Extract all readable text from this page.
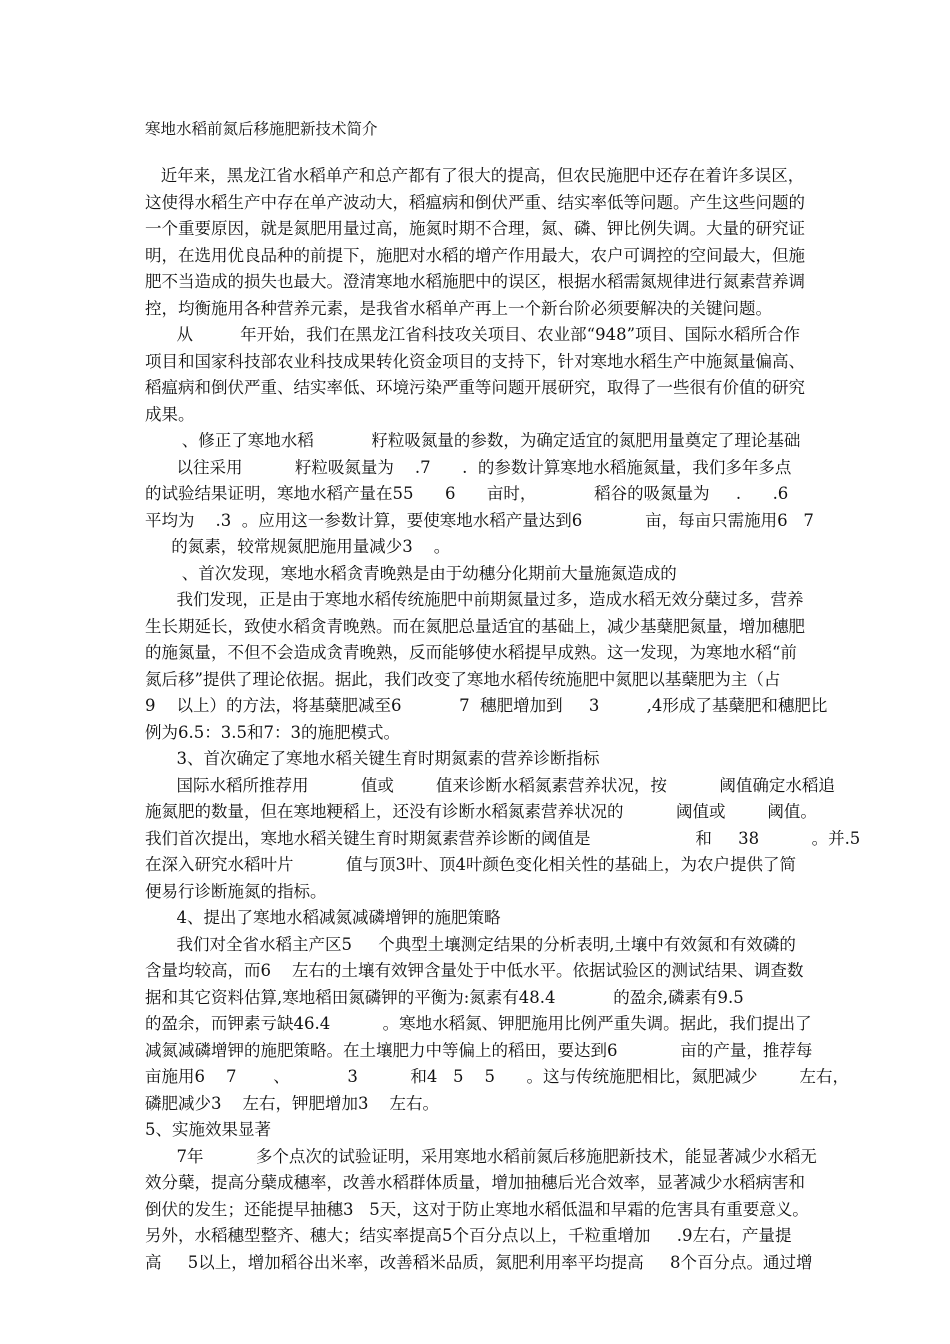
寒地水稻前氮后移施肥新技术简介
近年来，黑龙江省水稻单产和总产都有了很大的提高，但农民施肥中还存在着许多误区，
这使得水稻生产中存在单产波动大，稻瘟病和倒伏严重、结实率低等问题。产生这些问题的
一个重要原因，就是氮肥用量过高，施氮时期不合理，氮、磷、钾比例失调。大量的研究证
明，在选用优良品种的前提下，施肥对水稻的增产作用最大，农户可调控的空间最大，但施
肥不当造成的损失也最大。澄清寒地水稻施肥中的误区，根据水稻需氮规律进行氮素营养调
控，均衡施用各种营养元素，是我省水稻单产再上一个新台阶必须要解决的关键问题。
从         年开始，我们在黑龙江省科技攻关项目、农业部“948”项目、国际水稻所合作
项目和国家科技部农业科技成果转化资金项目的支持下，针对寒地水稻生产中施氮量偏高、
稻瘟病和倒伏严重、结实率低、环境污染严重等问题开展研究，取得了一些很有价值的研究
成果。
、修正了寒地水稻           籽粒吸氮量的参数，为确定适宜的氮肥用量奠定了理论基础
以往采用          籽粒吸氮量为    .7      .  的参数计算寒地水稻施氮量，我们多年多点
的试验结果证明，寒地水稻产量在55      6      亩时，           稻谷的吸氮量为     .      .6
平均为    .3  。应用这一参数计算，要使寒地水稻产量达到6            亩，每亩只需施用6   7
的氮素，较常规氮肥施用量减少3    。
、首次发现，寒地水稻贪青晚熟是由于幼穗分化期前大量施氮造成的
我们发现，正是由于寒地水稻传统施肥中前期氮量过多，造成水稻无效分蘖过多，营养
生长期延长，致使水稻贪青晚熟。而在氮肥总量适宜的基础上，减少基蘖肥氮量，增加穗肥
的施氮量，不但不会造成贪青晚熟，反而能够使水稻提早成熟。这一发现，为寒地水稻“前
氮后移”提供了理论依据。据此，我们改变了寒地水稻传统施肥中氮肥以基蘖肥为主（占
9    以上）的方法，将基蘖肥减至6           7  穗肥增加到     3         ,4形成了基蘖肥和穗肥比
例为6.5：3.5和7：3的施肥模式。
3、首次确定了寒地水稻关键生育时期氮素的营养诊断指标
国际水稻所推荐用          值或        值来诊断水稻氮素营养状况，按          阈值确定水稻追
施氮肥的数量，但在寒地粳稻上，还没有诊断水稻氮素营养状况的          阈值或        阈值。
我们首次提出，寒地水稻关键生育时期氮素营养诊断的阈值是                    和     38          。并.5
在深入研究水稻叶片          值与顶3叶、顶4叶颜色变化相关性的基础上，为农户提供了简
便易行诊断施氮的指标。
4、提出了寒地水稻减氮减磷增钾的施肥策略
我们对全省水稻主产区5     个典型土壤测定结果的分析表明,土壤中有效氮和有效磷的
含量均较高，而6    左右的土壤有效钾含量处于中低水平。依据试验区的测试结果、调查数
据和其它资料估算,寒地稻田氮磷钾的平衡为:氮素有48.4           的盈余,磷素有9.5
的盈余，而钾素亏缺46.4          。寒地水稻氮、钾肥施用比例严重失调。据此，我们提出了
减氮减磷增钾的施肥策略。在土壤肥力中等偏上的稻田，要达到6            亩的产量，推荐每
亩施用6    7       、           3          和4   5    5      。这与传统施肥相比，氮肥减少        左右，
磷肥减少3    左右，钾肥增加3    左右。
5、实施效果显著
7年          多个点次的试验证明，采用寒地水稻前氮后移施肥新技术，能显著减少水稻无
效分蘖，提高分蘖成穗率，改善水稻群体质量，增加抽穗后光合效率，显著减少水稻病害和
倒伏的发生；还能提早抽穗3   5天，这对于防止寒地水稻低温和早霜的危害具有重要意义。
另外，水稻穗型整齐、穗大；结实率提高5个百分点以上，千粒重增加     .9左右，产量提
高     5以上，增加稻谷出米率，改善稻米品质，氮肥利用率平均提高     8个百分点。通过增
